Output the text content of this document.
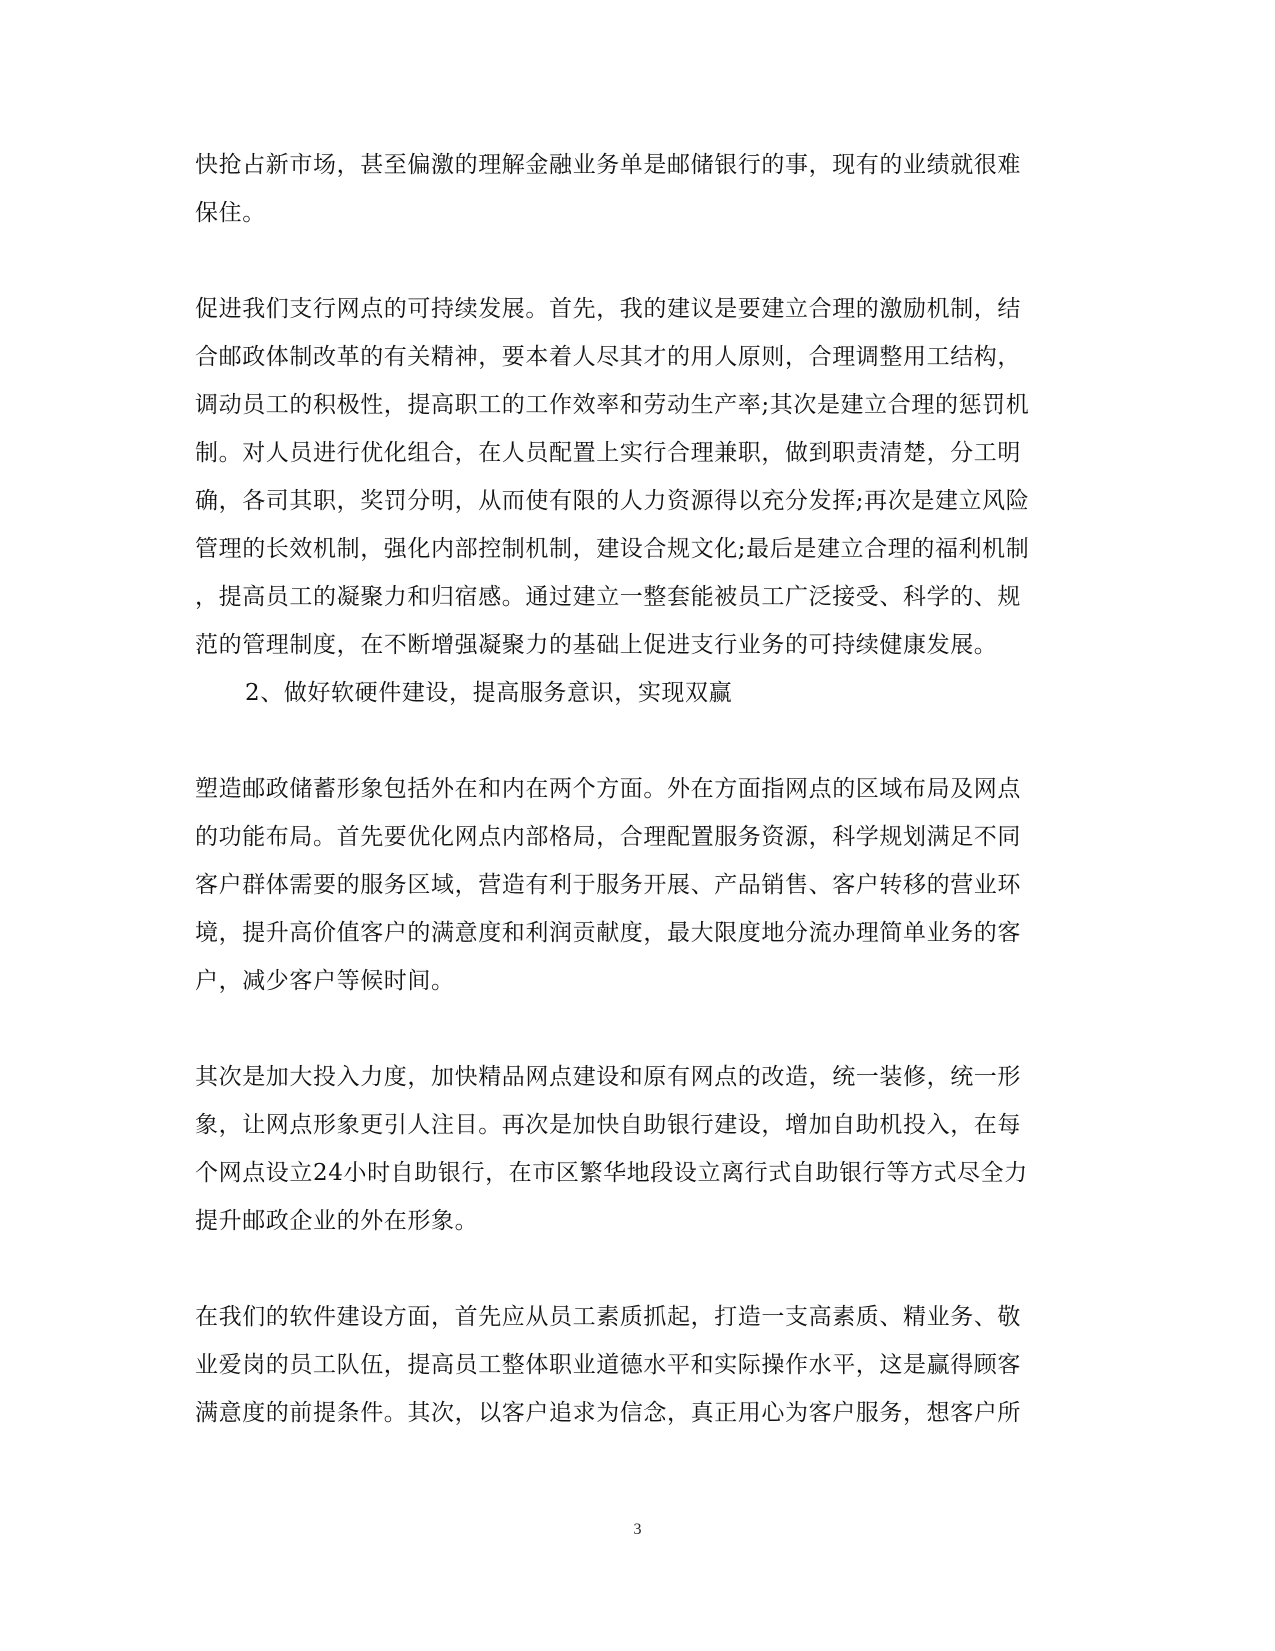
快抢占新市场，甚至偏激的理解金融业务单是邮储银行的事，现有的业绩就很难
保住。
促进我们支行网点的可持续发展。首先，我的建议是要建立合理的激励机制，结
合邮政体制改革的有关精神，要本着人尽其才的用人原则，合理调整用工结构，
调动员工的积极性，提高职工的工作效率和劳动生产率;其次是建立合理的惩罚机
制。对人员进行优化组合，在人员配置上实行合理兼职，做到职责清楚，分工明
确，各司其职，奖罚分明，从而使有限的人力资源得以充分发挥;再次是建立风险
管理的长效机制，强化内部控制机制，建设合规文化;最后是建立合理的福利机制
，提高员工的凝聚力和归宿感。通过建立一整套能被员工广泛接受、科学的、规
范的管理制度，在不断增强凝聚力的基础上促进支行业务的可持续健康发展。
2、做好软硬件建设，提高服务意识，实现双赢
塑造邮政储蓄形象包括外在和内在两个方面。外在方面指网点的区域布局及网点
的功能布局。首先要优化网点内部格局，合理配置服务资源，科学规划满足不同
客户群体需要的服务区域，营造有利于服务开展、产品销售、客户转移的营业环
境，提升高价值客户的满意度和利润贡献度，最大限度地分流办理简单业务的客
户，减少客户等候时间。
其次是加大投入力度，加快精品网点建设和原有网点的改造，统一装修，统一形
象，让网点形象更引人注目。再次是加快自助银行建设，增加自助机投入，在每
个网点设立24小时自助银行，在市区繁华地段设立离行式自助银行等方式尽全力
提升邮政企业的外在形象。
在我们的软件建设方面，首先应从员工素质抓起，打造一支高素质、精业务、敬
业爱岗的员工队伍，提高员工整体职业道德水平和实际操作水平，这是赢得顾客
满意度的前提条件。其次，以客户追求为信念，真正用心为客户服务，想客户所
3
